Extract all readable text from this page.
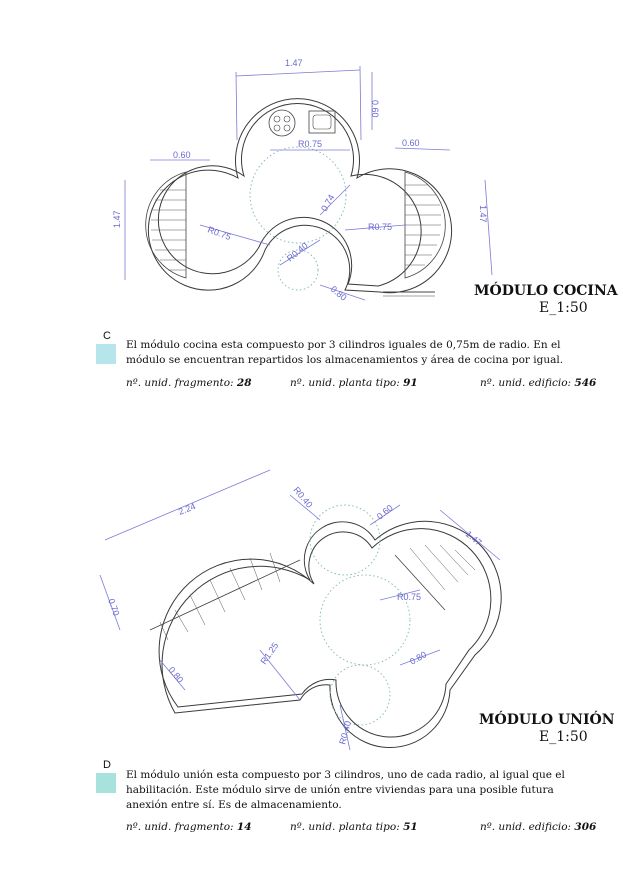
1.47
0.60
R0.75	0.60
0.60
1.47
1.47
R0.75
0.74
R0.75
R0.40
0.80
2.24	R0.40
0.60
1.47
0.70
R0.75
0.80
R1.25	0.80
R0.40
MÓDULO COCINA
E_1:50
C
El módulo cocina esta compuesto por 3 cilindros iguales de 0,75m de radio. En el módulo se encuentran repartidos los almacenamientos y área de cocina por igual.
nº. unid. fragmento: 28	nº. unid. planta tipo: 91	nº. unid. edificio: 546
MÓDULO UNIÓN
E_1:50
D
El módulo unión esta compuesto por 3 cilindros, uno de cada radio, al igual que el habilitación. Este módulo sirve de unión entre viviendas para una posible futura anexión entre sí. Es de almacenamiento.
nº. unid. fragmento: 14	nº. unid. planta tipo: 51	nº. unid. edificio: 306
